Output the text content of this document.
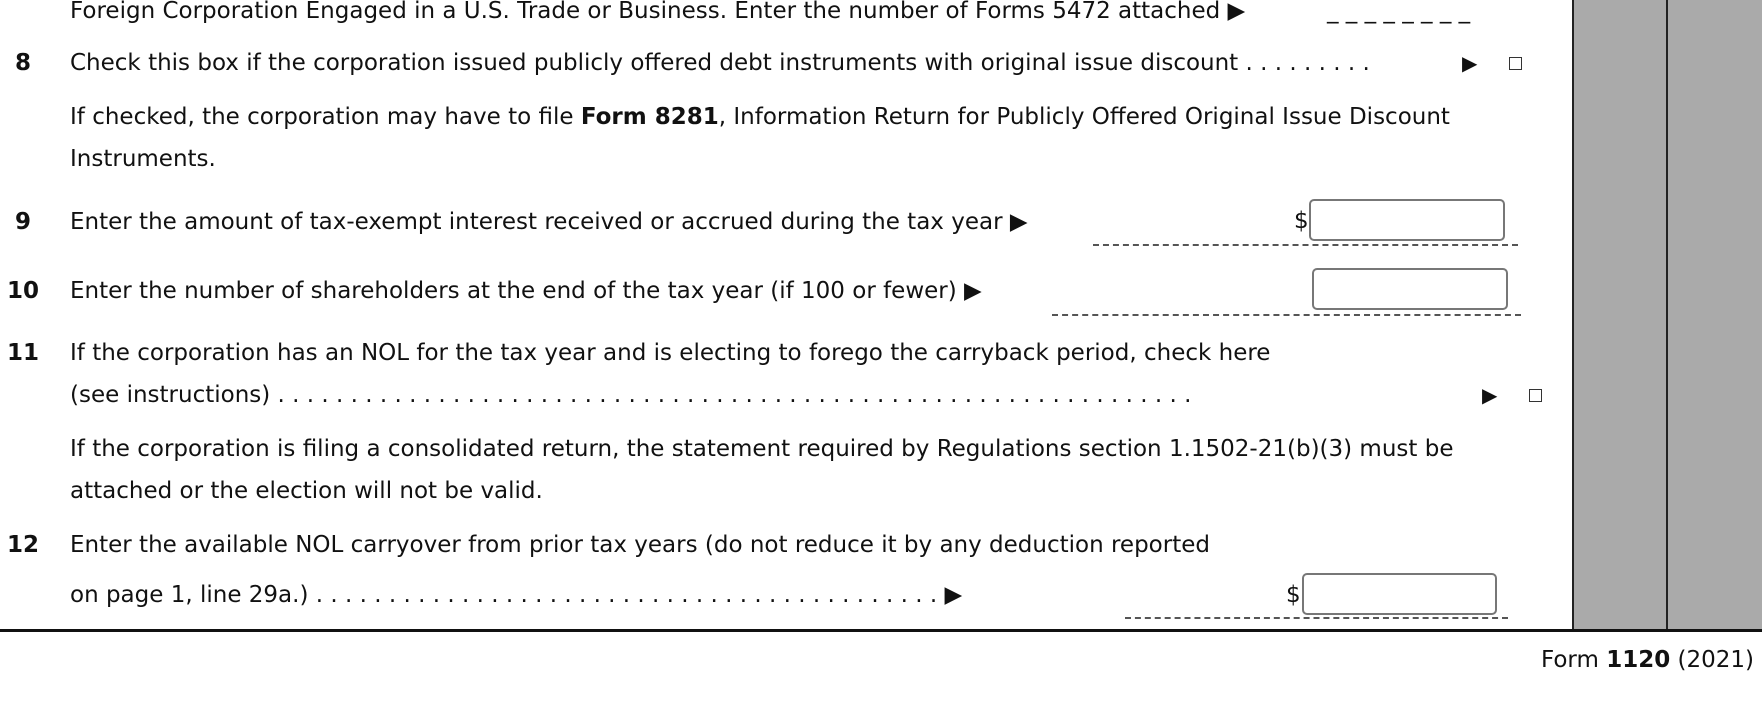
Foreign Corporation Engaged in a U.S. Trade or Business. Enter the number of Forms 5472 attached ▶	_ _ _ _ _ _ _ _
8	Check this box if the corporation issued publicly offered debt instruments with original issue discount . . . . . . . . .	▶
If checked, the corporation may have to file Form 8281, Information Return for Publicly Offered Original Issue Discount
Instruments.
9	Enter the amount of tax-exempt interest received or accrued during the tax year ▶	$
10	Enter the number of shareholders at the end of the tax year (if 100 or fewer) ▶
11	If the corporation has an NOL for the tax year and is electing to forego the carryback period, check here
(see instructions) . . . . . . . . . . . . . . . . . . . . . . . . . . . . . . . . . . . . . . . . . . . . . . . . . . . . . . . . . . . . . . .	▶
If the corporation is filing a consolidated return, the statement required by Regulations section 1.1502-21(b)(3) must be
attached or the election will not be valid.
12	Enter the available NOL carryover from prior tax years (do not reduce it by any deduction reported
on page 1, line 29a.) . . . . . . . . . . . . . . . . . . . . . . . . . . . . . . . . . . . . . . . . . . . ▶	$
Form 1120 (2021)
